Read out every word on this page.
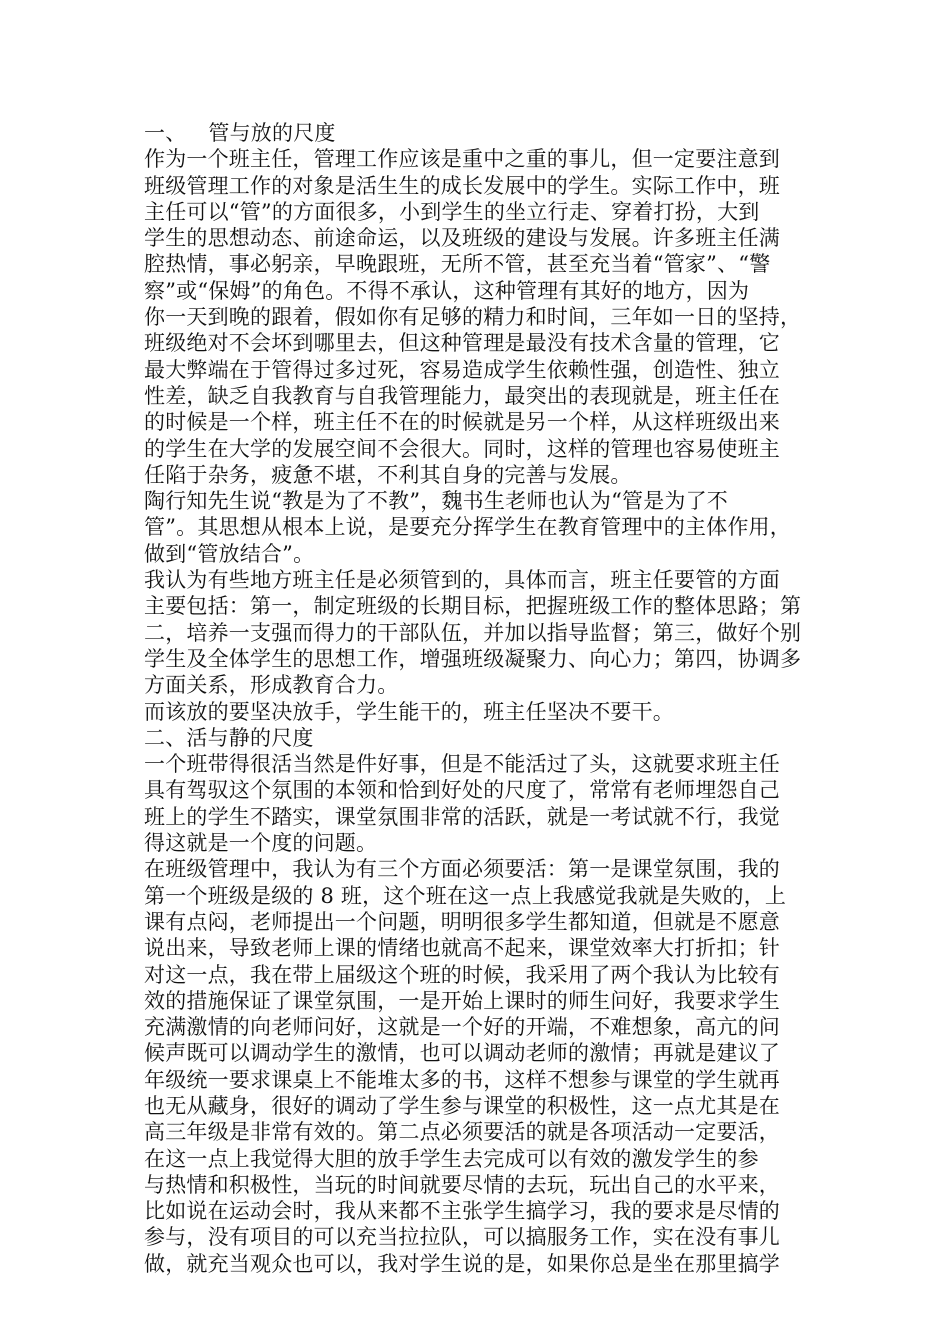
一、 管与放的尺度
作为一个班主任，管理工作应该是重中之重的事儿，但一定要注意到
班级管理工作的对象是活生生的成长发展中的学生。实际工作中，班
主任可以“管”的方面很多，小到学生的坐立行走、穿着打扮，大到
学生的思想动态、前途命运，以及班级的建设与发展。许多班主任满
腔热情，事必躬亲，早晚跟班，无所不管，甚至充当着“管家”、“警
察”或“保姆”的角色。不得不承认，这种管理有其好的地方，因为
你一天到晚的跟着，假如你有足够的精力和时间，三年如一日的坚持，
班级绝对不会坏到哪里去，但这种管理是最没有技术含量的管理，它
最大弊端在于管得过多过死，容易造成学生依赖性强，创造性、独立
性差，缺乏自我教育与自我管理能力，最突出的表现就是，班主任在
的时候是一个样，班主任不在的时候就是另一个样，从这样班级出来
的学生在大学的发展空间不会很大。同时，这样的管理也容易使班主
任陷于杂务，疲惫不堪，不利其自身的完善与发展。
陶行知先生说“教是为了不教”，魏书生老师也认为“管是为了不
管”。其思想从根本上说，是要充分挥学生在教育管理中的主体作用，
做到“管放结合”。
我认为有些地方班主任是必须管到的，具体而言，班主任要管的方面
主要包括：第一，制定班级的长期目标，把握班级工作的整体思路；第
二，培养一支强而得力的干部队伍，并加以指导监督；第三，做好个别
学生及全体学生的思想工作，增强班级凝聚力、向心力；第四，协调多
方面关系，形成教育合力。
而该放的要坚决放手，学生能干的，班主任坚决不要干。
二、活与静的尺度
一个班带得很活当然是件好事，但是不能活过了头，这就要求班主任
具有驾驭这个氛围的本领和恰到好处的尺度了，常常有老师埋怨自己
班上的学生不踏实，课堂氛围非常的活跃，就是一考试就不行，我觉
得这就是一个度的问题。
在班级管理中，我认为有三个方面必须要活：第一是课堂氛围，我的
第一个班级是级的 8 班，这个班在这一点上我感觉我就是失败的，上
课有点闷，老师提出一个问题，明明很多学生都知道，但就是不愿意
说出来，导致老师上课的情绪也就高不起来，课堂效率大打折扣；针
对这一点，我在带上届级这个班的时候，我采用了两个我认为比较有
效的措施保证了课堂氛围，一是开始上课时的师生问好，我要求学生
充满激情的向老师问好，这就是一个好的开端，不难想象，高亢的问
候声既可以调动学生的激情，也可以调动老师的激情；再就是建议了
年级统一要求课桌上不能堆太多的书，这样不想参与课堂的学生就再
也无从藏身，很好的调动了学生参与课堂的积极性，这一点尤其是在
高三年级是非常有效的。第二点必须要活的就是各项活动一定要活，
在这一点上我觉得大胆的放手学生去完成可以有效的激发学生的参
与热情和积极性，当玩的时间就要尽情的去玩，玩出自己的水平来，
比如说在运动会时，我从来都不主张学生搞学习，我的要求是尽情的
参与，没有项目的可以充当拉拉队，可以搞服务工作，实在没有事儿
做，就充当观众也可以，我对学生说的是，如果你总是坐在那里搞学
